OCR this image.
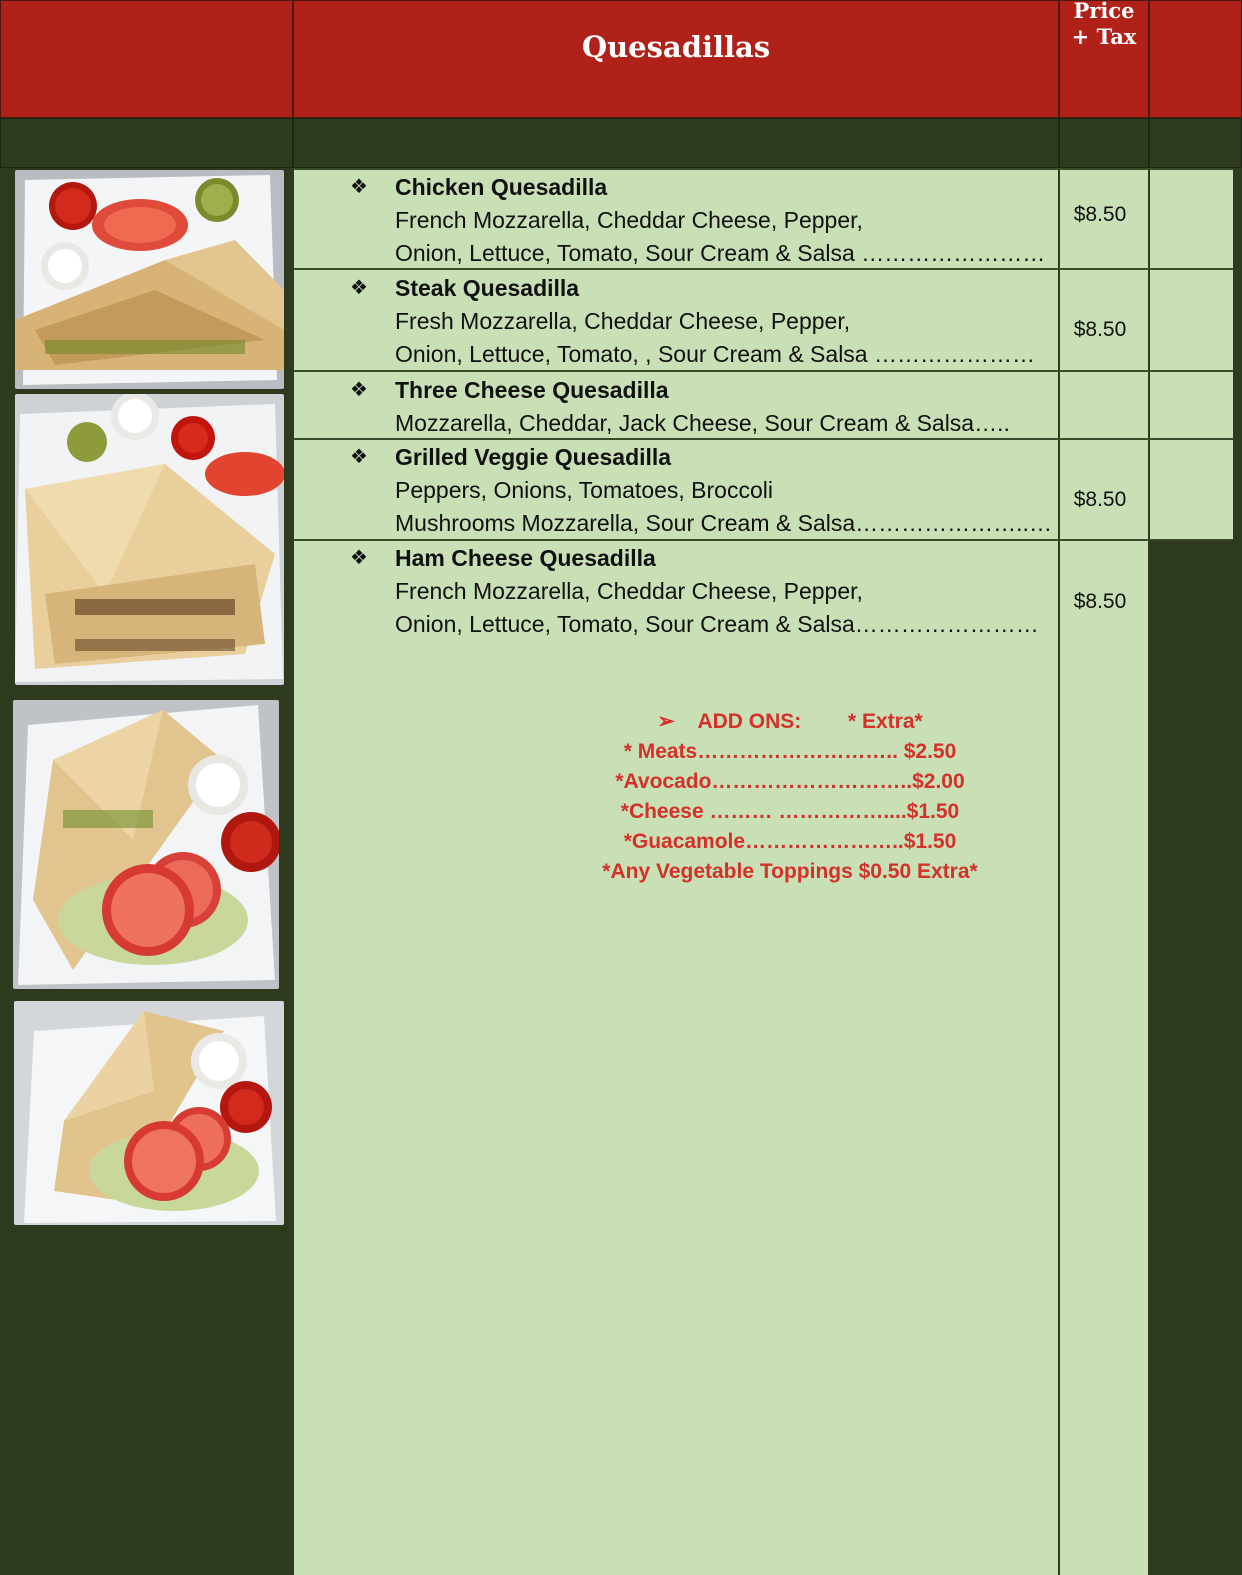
Quesadillas
Price
+ Tax
❖	Chicken Quesadilla
French Mozzarella, Cheddar Cheese, Pepper,
Onion, Lettuce, Tomato, Sour Cream & Salsa ……………………
$8.50
❖	Steak Quesadilla
Fresh Mozzarella, Cheddar Cheese, Pepper,
Onion, Lettuce, Tomato, , Sour Cream & Salsa …………………
$8.50
❖	Three Cheese Quesadilla
Mozzarella, Cheddar, Jack Cheese, Sour Cream & Salsa…..
❖	Grilled Veggie Quesadilla
Peppers, Onions, Tomatoes, Broccoli
Mushrooms Mozzarella, Sour Cream & Salsa…………………..…
$8.50
❖	Ham Cheese Quesadilla
French Mozzarella, Cheddar Cheese, Pepper,
Onion, Lettuce, Tomato, Sour Cream & Salsa……………………
$8.50
➢    ADD ONS:        * Extra*
* Meats……………………….. $2.50
*Avocado………………………..$2.00
*Cheese ……… ……………....$1.50
*Guacamole…………………..$1.50
*Any Vegetable Toppings $0.50 Extra*
